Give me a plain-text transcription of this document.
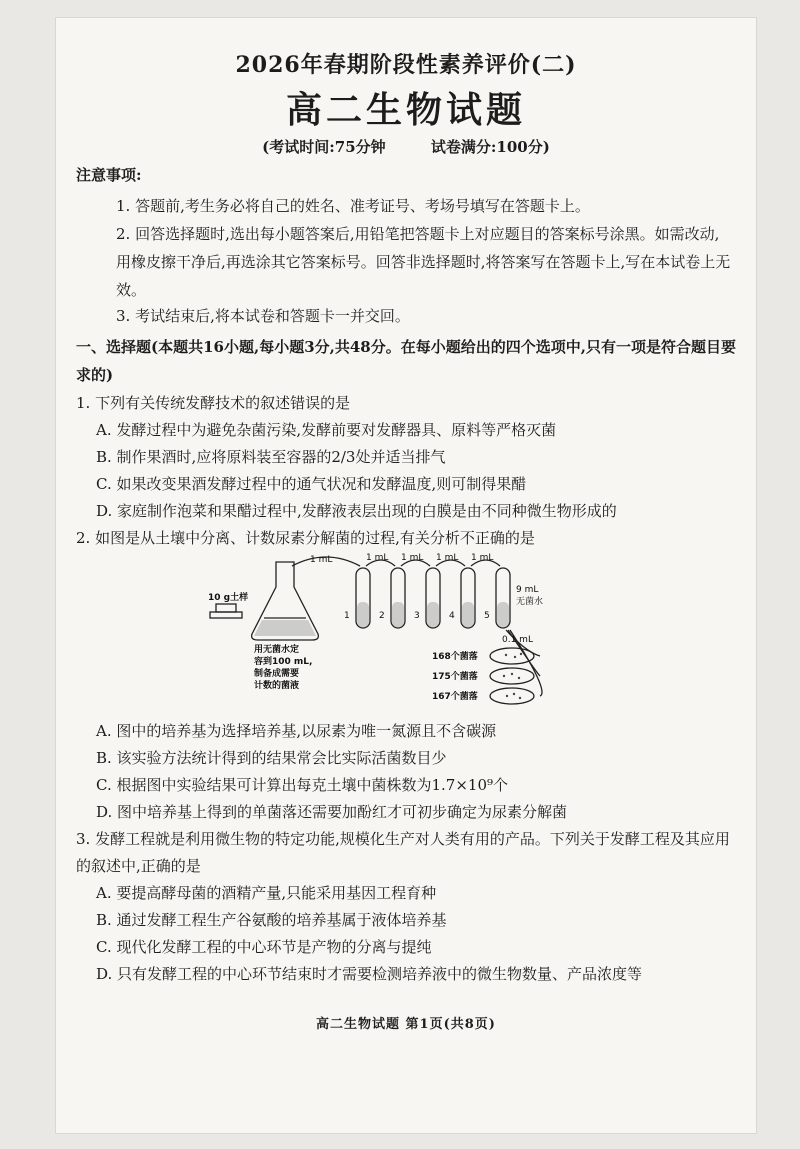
2026年春期阶段性素养评价(二)
高二生物试题
(考试时间:75分钟	试卷满分:100分)
注意事项:
1. 答题前,考生务必将自己的姓名、准考证号、考场号填写在答题卡上。
2. 回答选择题时,选出每小题答案后,用铅笔把答题卡上对应题目的答案标号涂黑。如需改动,用橡皮擦干净后,再选涂其它答案标号。回答非选择题时,将答案写在答题卡上,写在本试卷上无效。
3. 考试结束后,将本试卷和答题卡一并交回。
一、选择题(本题共16小题,每小题3分,共48分。在每小题给出的四个选项中,只有一项是符合题目要求的)
1. 下列有关传统发酵技术的叙述错误的是
A. 发酵过程中为避免杂菌污染,发酵前要对发酵器具、原料等严格灭菌
B. 制作果酒时,应将原料装至容器的2/3处并适当排气
C. 如果改变果酒发酵过程中的通气状况和发酵温度,则可制得果醋
D. 家庭制作泡菜和果醋过程中,发酵液表层出现的白膜是由不同种微生物形成的
2. 如图是从土壤中分离、计数尿素分解菌的过程,有关分析不正确的是
1 mL	1 mL 1 mL 1 mL 1 mL
10 g土样
用无菌水定
容到100 mL,
制备成需要
计数的菌液
1	2	3	4	5
9 mL
无菌水
0.1 mL
168个菌落
175个菌落
167个菌落
A. 图中的培养基为选择培养基,以尿素为唯一氮源且不含碳源
B. 该实验方法统计得到的结果常会比实际活菌数目少
C. 根据图中实验结果可计算出每克土壤中菌株数为1.7×10⁹个
D. 图中培养基上得到的单菌落还需要加酚红才可初步确定为尿素分解菌
3. 发酵工程就是利用微生物的特定功能,规模化生产对人类有用的产品。下列关于发酵工程及其应用的叙述中,正确的是
A. 要提高酵母菌的酒精产量,只能采用基因工程育种
B. 通过发酵工程生产谷氨酸的培养基属于液体培养基
C. 现代化发酵工程的中心环节是产物的分离与提纯
D. 只有发酵工程的中心环节结束时才需要检测培养液中的微生物数量、产品浓度等
高二生物试题 第1页(共8页)
